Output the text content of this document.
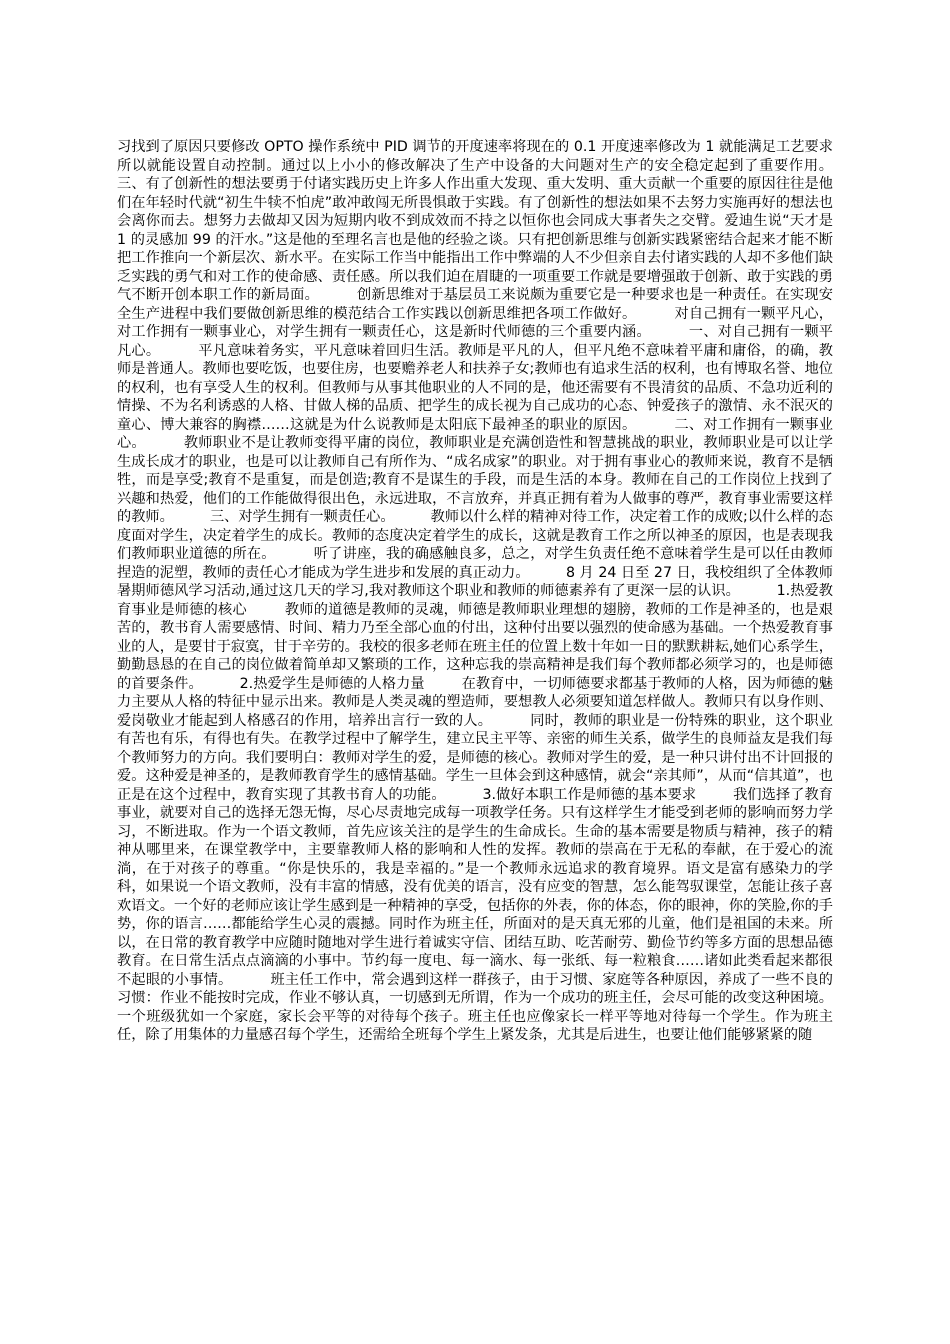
习找到了原因只要修改 OPTO 操作系统中 PID 调节的开度速率将现在的 0.1 开度速率修改为 1 就能满足工艺要求所以就能设置自动控制。通过以上小小的修改解决了生产中设备的大问题对生产的安全稳定起到了重要作用。        三、有了创新性的想法要勇于付诸实践历史上许多人作出重大发现、重大发明、重大贡献一个重要的原因往往是他们在年轻时代就“初生牛犊不怕虎”敢冲敢闯无所畏惧敢于实践。有了创新性的想法如果不去努力实施再好的想法也会离你而去。想努力去做却又因为短期内收不到成效而不持之以恒你也会同成大事者失之交臂。爱迪生说“天才是 1 的灵感加 99 的汗水。”这是他的至理名言也是他的经验之谈。只有把创新思维与创新实践紧密结合起来才能不断把工作推向一个新层次、新水平。在实际工作当中能指出工作中弊端的人不少但亲自去付诸实践的人却不多他们缺乏实践的勇气和对工作的使命感、责任感。所以我们迫在眉睫的一项重要工作就是要增强敢于创新、敢于实践的勇气不断开创本职工作的新局面。        创新思维对于基层员工来说颇为重要它是一种要求也是一种责任。在实现安全生产进程中我们要做创新思维的模范结合工作实践以创新思维把各项工作做好。        对自己拥有一颗平凡心，对工作拥有一颗事业心，对学生拥有一颗责任心，这是新时代师德的三个重要内涵。        一、对自己拥有一颗平凡心。        平凡意味着务实，平凡意味着回归生活。教师是平凡的人，但平凡绝不意味着平庸和庸俗，的确，教师是普通人。教师也要吃饭，也要住房，也要赡养老人和扶养子女;教师也有追求生活的权利，也有博取名誉、地位的权利，也有享受人生的权利。但教师与从事其他职业的人不同的是，他还需要有不畏清贫的品质、不急功近利的情操、不为名利诱惑的人格、甘做人梯的品质、把学生的成长视为自己成功的心态、钟爱孩子的激情、永不泯灭的童心、博大兼容的胸襟……这就是为什么说教师是太阳底下最神圣的职业的原因。        二、对工作拥有一颗事业心。        教师职业不是让教师变得平庸的岗位，教师职业是充满创造性和智慧挑战的职业，教师职业是可以让学生成长成才的职业，也是可以让教师自己有所作为、“成名成家”的职业。对于拥有事业心的教师来说，教育不是牺牲，而是享受;教育不是重复，而是创造;教育不是谋生的手段，而是生活的本身。教师在自己的工作岗位上找到了兴趣和热爱，他们的工作能做得很出色，永远进取，不言放弃，并真正拥有着为人做事的尊严，教育事业需要这样的教师。        三、对学生拥有一颗责任心。        教师以什么样的精神对待工作，决定着工作的成败;以什么样的态度面对学生，决定着学生的成长。教师的态度决定着学生的成长，这就是教育工作之所以神圣的原因，也是表现我们教师职业道德的所在。        听了讲座，我的确感触良多，总之，对学生负责任绝不意味着学生是可以任由教师捏造的泥塑，教师的责任心才能成为学生进步和发展的真正动力。        8 月 24 日至 27 日，我校组织了全体教师暑期师德风学习活动,通过这几天的学习,我对教师这个职业和教师的师德素养有了更深一层的认识。        1.热爱教育事业是师德的核心        教师的道德是教师的灵魂，师德是教师职业理想的翅膀，教师的工作是神圣的，也是艰苦的，教书育人需要感情、时间、精力乃至全部心血的付出，这种付出要以强烈的使命感为基础。一个热爱教育事业的人，是要甘于寂寞，甘于辛劳的。我校的很多老师在班主任的位置上数十年如一日的默默耕耘,她们心系学生，勤勤恳恳的在自己的岗位做着简单却又繁琐的工作，这种忘我的崇高精神是我们每个教师都必须学习的，也是师德的首要条件。        2.热爱学生是师德的人格力量        在教育中，一切师德要求都基于教师的人格，因为师德的魅力主要从人格的特征中显示出来。教师是人类灵魂的塑造师，要想教人必须要知道怎样做人。教师只有以身作则、爱岗敬业才能起到人格感召的作用，培养出言行一致的人。        同时，教师的职业是一份特殊的职业，这个职业有苦也有乐，有得也有失。在教学过程中了解学生，建立民主平等、亲密的师生关系，做学生的良师益友是我们每个教师努力的方向。我们要明白：教师对学生的爱，是师德的核心。教师对学生的爱，是一种只讲付出不计回报的爱。这种爱是神圣的，是教师教育学生的感情基础。学生一旦体会到这种感情，就会“亲其师”，从而“信其道”，也正是在这个过程中，教育实现了其教书育人的功能。        3.做好本职工作是师德的基本要求        我们选择了教育事业，就要对自己的选择无怨无悔，尽心尽责地完成每一项教学任务。只有这样学生才能受到老师的影响而努力学习，不断进取。作为一个语文教师，首先应该关注的是学生的生命成长。生命的基本需要是物质与精神，孩子的精神从哪里来，在课堂教学中，主要靠教师人格的影响和人性的发挥。教师的崇高在于无私的奉献，在于爱心的流淌，在于对孩子的尊重。“你是快乐的，我是幸福的。”是一个教师永远追求的教育境界。语文是富有感染力的学科，如果说一个语文教师，没有丰富的情感，没有优美的语言，没有应变的智慧，怎么能驾驭课堂，怎能让孩子喜欢语文。一个好的老师应该让学生感到是一种精神的享受，包括你的外表，你的体态，你的眼神，你的笑脸,你的手势，你的语言……都能给学生心灵的震撼。同时作为班主任，所面对的是天真无邪的儿童，他们是祖国的未来。所以，在日常的教育教学中应随时随地对学生进行着诚实守信、团结互助、吃苦耐劳、勤俭节约等多方面的思想品德教育。在日常生活点点滴滴的小事中。节约每一度电、每一滴水、每一张纸、每一粒粮食……诸如此类看起来都很不起眼的小事情。        班主任工作中，常会遇到这样一群孩子，由于习惯、家庭等各种原因，养成了一些不良的习惯：作业不能按时完成，作业不够认真，一切感到无所谓，作为一个成功的班主任，会尽可能的改变这种困境。一个班级犹如一个家庭，家长会平等的对待每个孩子。班主任也应像家长一样平等地对待每一个学生。作为班主任，除了用集体的力量感召每个学生，还需给全班每个学生上紧发条，尤其是后进生，也要让他们能够紧紧的随
